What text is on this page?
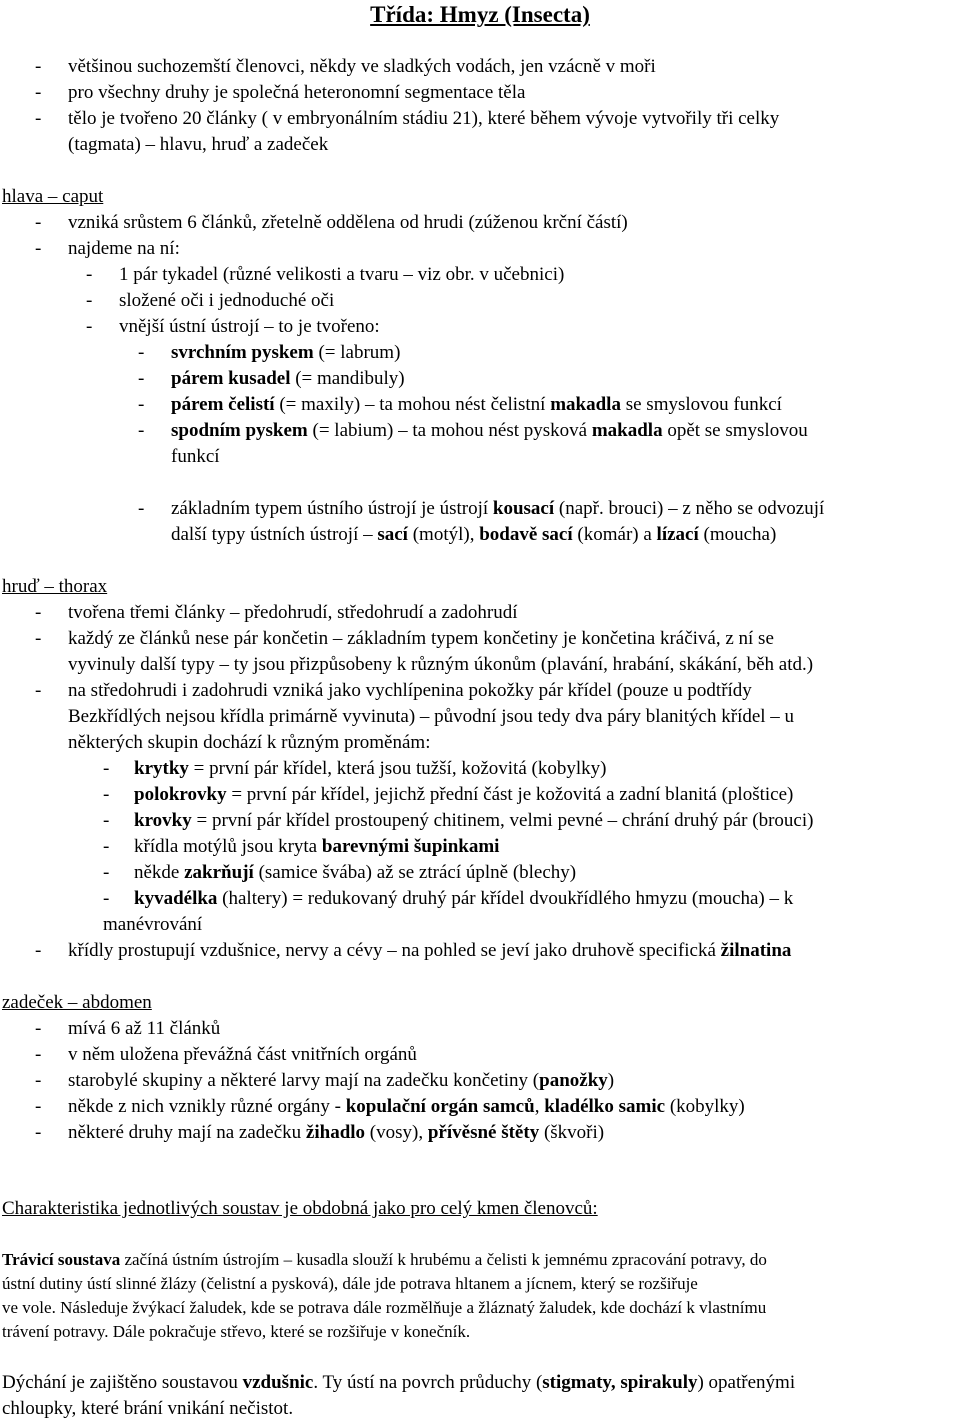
Třída: Hmyz (Insecta)
- většinou suchozemští členovci, někdy ve sladkých vodách, jen vzácně v moři
- pro všechny druhy je společná heteronomní segmentace těla
- tělo je tvořeno 20 články ( v embryonálním stádiu 21), které během vývoje vytvořily tři celky
(tagmata) – hlavu, hruď a zadeček
hlava – caput
- vzniká srůstem 6 článků, zřetelně oddělena od hrudi (zúženou krční částí)
- najdeme na ní:
- 1 pár tykadel (různé velikosti a tvaru – viz obr. v učebnici)
- složené oči i jednoduché oči
- vnější ústní ústrojí – to je tvořeno:
- svrchním pyskem (= labrum)
- párem kusadel (= mandibuly)
- párem čelistí (= maxily) – ta mohou nést čelistní makadla se smyslovou funkcí
- spodním pyskem (= labium) – ta mohou nést pysková makadla opět se smyslovou
funkcí
- základním typem ústního ústrojí je ústrojí kousací (např. brouci) – z něho se odvozují
další typy ústních ústrojí – sací (motýl), bodavě sací (komár) a lízací (moucha)
hruď – thorax
- tvořena třemi články – předohrudí, středohrudí a zadohrudí
- každý ze článků nese pár končetin – základním typem končetiny je končetina kráčivá, z ní se
vyvinuly další typy – ty jsou přizpůsobeny k různým úkonům (plavání, hrabání, skákání, běh atd.)
- na středohrudi i zadohrudi vzniká jako vychlípenina pokožky pár křídel (pouze u podtřídy
Bezkřídlých nejsou křídla primárně vyvinuta) – původní jsou tedy dva páry blanitých křídel – u
některých skupin dochází k různým proměnám:
- krytky = první pár křídel, která jsou tužší, kožovitá (kobylky)
- polokrovky = první pár křídel, jejichž přední část je kožovitá a zadní blanitá (ploštice)
- krovky = první pár křídel prostoupený chitinem, velmi pevné – chrání druhý pár (brouci)
- křídla motýlů jsou kryta barevnými šupinkami
- někde zakrňují (samice švába) až se ztrácí úplně (blechy)
- kyvadélka (haltery) = redukovaný druhý pár křídel dvoukřídlého hmyzu (moucha) – k
manévrování
- křídly prostupují vzdušnice, nervy a cévy – na pohled se jeví jako druhově specifická žilnatina
zadeček – abdomen
- mívá 6 až 11 článků
- v něm uložena převážná část vnitřních orgánů
- starobylé skupiny a některé larvy mají na zadečku končetiny (panožky)
- někde z nich vznikly různé orgány - kopulační orgán samců, kladélko samic (kobylky)
- některé druhy mají na zadečku žihadlo (vosy), přívěsné štěty (škvoři)
Charakteristika jednotlivých soustav je obdobná jako pro celý kmen členovců:
Trávicí soustava začíná ústním ústrojím – kusadla slouží k hrubému a čelisti k jemnému zpracování potravy, do
ústní dutiny ústí slinné žlázy (čelistní a pysková), dále jde potrava hltanem a jícnem, který se rozšiřuje
ve vole. Následuje žvýkací žaludek, kde se potrava dále rozmělňuje a žláznatý žaludek, kde dochází k vlastnímu
trávení potravy. Dále pokračuje střevo, které se rozšiřuje v konečník.
Dýchání je zajištěno soustavou vzdušnic. Ty ústí na povrch průduchy (stigmaty, spirakuly) opatřenými
chloupky, které brání vnikání nečistot.
